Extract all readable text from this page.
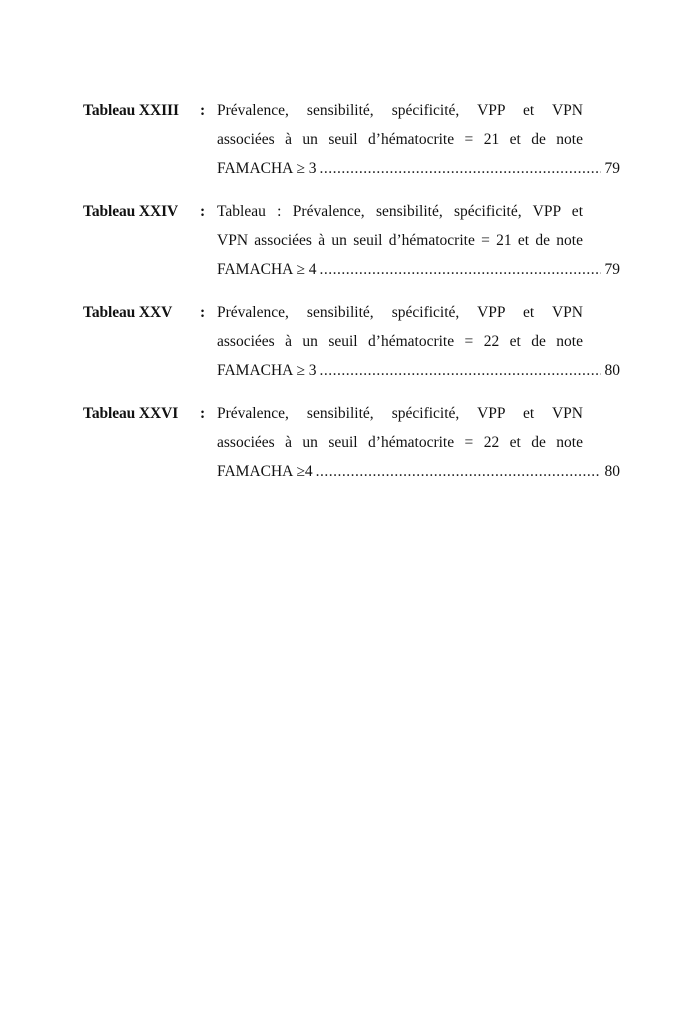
Tableau XXIII	: Prévalence, sensibilité, spécificité, VPP et VPN
associées à un seuil d’hématocrite = 21 et de note
FAMACHA ≥ 3 .....	79
Tableau XXIV	: Tableau : Prévalence, sensibilité, spécificité, VPP et
VPN associées à un seuil d’hématocrite = 21 et de note
FAMACHA ≥ 4 .....	79
Tableau XXV	: Prévalence, sensibilité, spécificité, VPP et VPN
associées à un seuil d’hématocrite = 22 et de note
FAMACHA ≥ 3 .....	80
Tableau XXVI	: Prévalence, sensibilité, spécificité, VPP et VPN
associées à un seuil d’hématocrite = 22 et de note
FAMACHA ≥4 .....	80
